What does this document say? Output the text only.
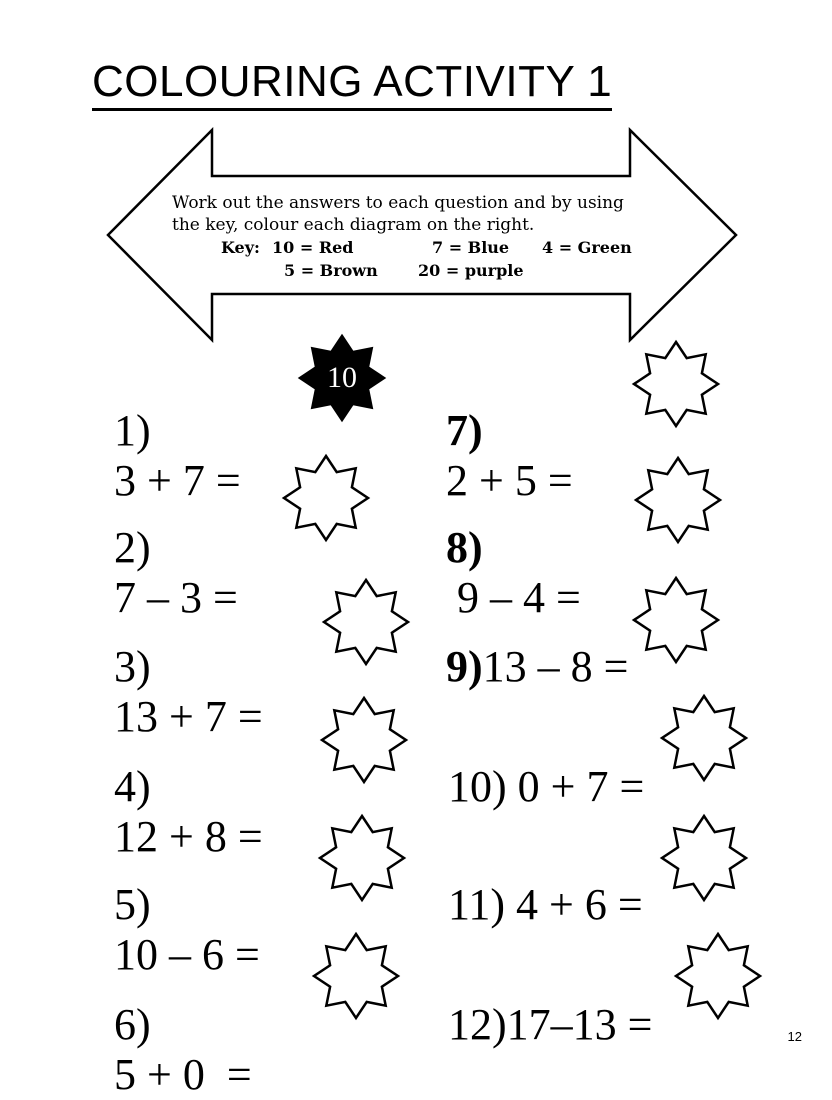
COLOURING ACTIVITY 1
Work out the answers to each question and by using
the key, colour each diagram on the right.
Key: 10 = Red	7 = Blue 4 = Green
5 = Brown	20 = purple

1)
3 + 7 =

2)
7 – 3 =

3)
13 + 7 =

4)
12 + 8 =

5)
10 – 6 =

6)
5 + 0  =

7)
2 + 5 =

8)
9 – 4 =

9)13 – 8 =

10) 0 + 7 =

11) 4 + 6 =

12)17–13 =

10
12
